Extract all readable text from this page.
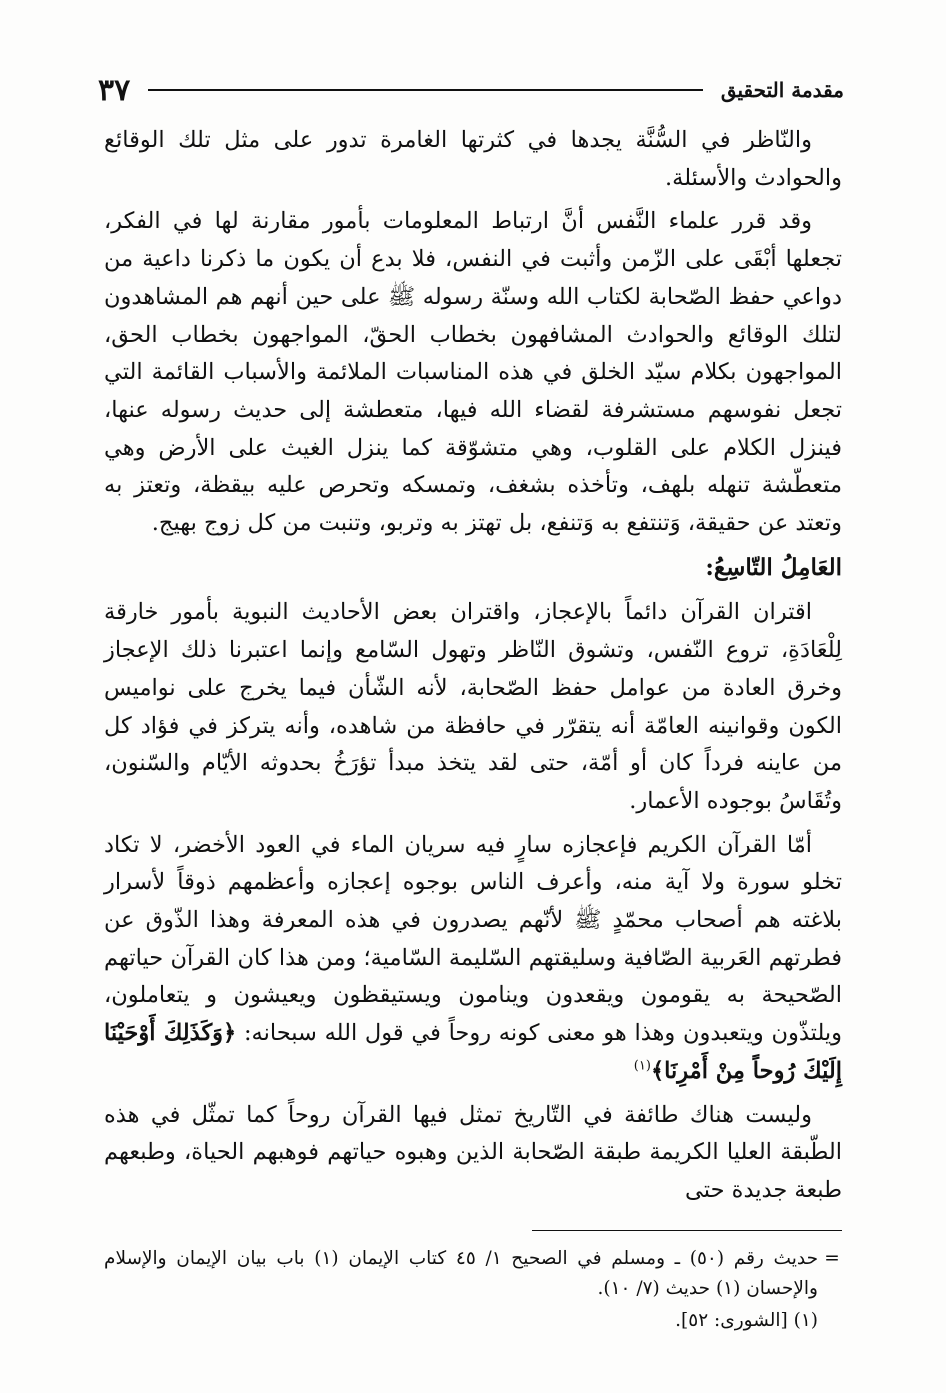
مقدمة التحقيق
٣٧

والنّاظر في السُّنَّة يجدها في كثرتها الغامرة تدور على مثل تلك الوقائع والحوادث والأسئلة.

وقد قرر علماء النَّفس أنَّ ارتباط المعلومات بأمور مقارنة لها في الفكر، تجعلها أبْقَى على الزّمن وأثبت في النفس، فلا بدع أن يكون ما ذكرنا داعية من دواعي حفظ الصّحابة لكتاب الله وسنّة رسوله ﷺ على حين أنهم هم المشاهدون لتلك الوقائع والحوادث المشافهون بخطاب الحقّ، المواجهون بخطاب الحق، المواجهون بكلام سيّد الخلق في هذه المناسبات الملائمة والأسباب القائمة التي تجعل نفوسهم مستشرفة لقضاء الله فيها، متعطشة إلى حديث رسوله عنها، فينزل الكلام على القلوب، وهي متشوّقة كما ينزل الغيث على الأرض وهي متعطّشة تنهله بلهف، وتأخذه بشغف، وتمسكه وتحرص عليه بيقظة، وتعتز به وتعتد عن حقيقة، وَتنتفع به وَتنفع، بل تهتز به وتربو، وتنبت من كل زوج بهيج.

العَامِلُ التّاسِعُ:

اقتران القرآن دائماً بالإعجاز، واقتران بعض الأحاديث النبوية بأمور خارقة لِلْعَادَةِ، تروع النّفس، وتشوق النّاظر وتهول السّامع وإنما اعتبرنا ذلك الإعجاز وخرق العادة من عوامل حفظ الصّحابة، لأنه الشّأن فيما يخرج على نواميس الكون وقوانينه العامّة أنه يتقرّر في حافظة من شاهده، وأنه يتركز في فؤاد كل من عاينه فرداً كان أو أمّة، حتى لقد يتخذ مبدأ تؤرَخُ بحدوثه الأيّام والسّنون، وتُقَاسُ بوجوده الأعمار.

أمّا القرآن الكريم فإعجازه سارٍ فيه سريان الماء في العود الأخضر، لا تكاد تخلو سورة ولا آية منه، وأعرف الناس بوجوه إعجازه وأعظمهم ذوقاً لأسرار بلاغته هم أصحاب محمّدٍ ﷺ لأنّهم يصدرون في هذه المعرفة وهذا الذّوق عن فطرتهم العَربية الصّافية وسليقتهم السّليمة السّامية؛ ومن هذا كان القرآن حياتهم الصّحيحة به يقومون ويقعدون وينامون ويستيقظون ويعيشون و يتعاملون، ويلتذّون ويتعبدون وهذا هو معنى كونه روحاً في قول الله سبحانه: ﴿وَكَذَلِكَ أَوْحَيْنَا إِلَيْكَ رُوحاً مِنْ أَمْرِنَا﴾$^{(١)}$

وليست هناك طائفة في التّاريخ تمثل فيها القرآن روحاً كما تمثّل في هذه الطّبقة العليا الكريمة طبقة الصّحابة الذين وهبوه حياتهم فوهبهم الحياة، وطبعهم طبعة جديدة حتى

=
حديث رقم (٥٠) ـ ومسلم في الصحيح ١/ ٤٥ كتاب الإيمان (١) باب بيان الإيمان والإسلام والإحسان (١) حديث (٧/ ١٠).
(١) [الشورى: ٥٢].
